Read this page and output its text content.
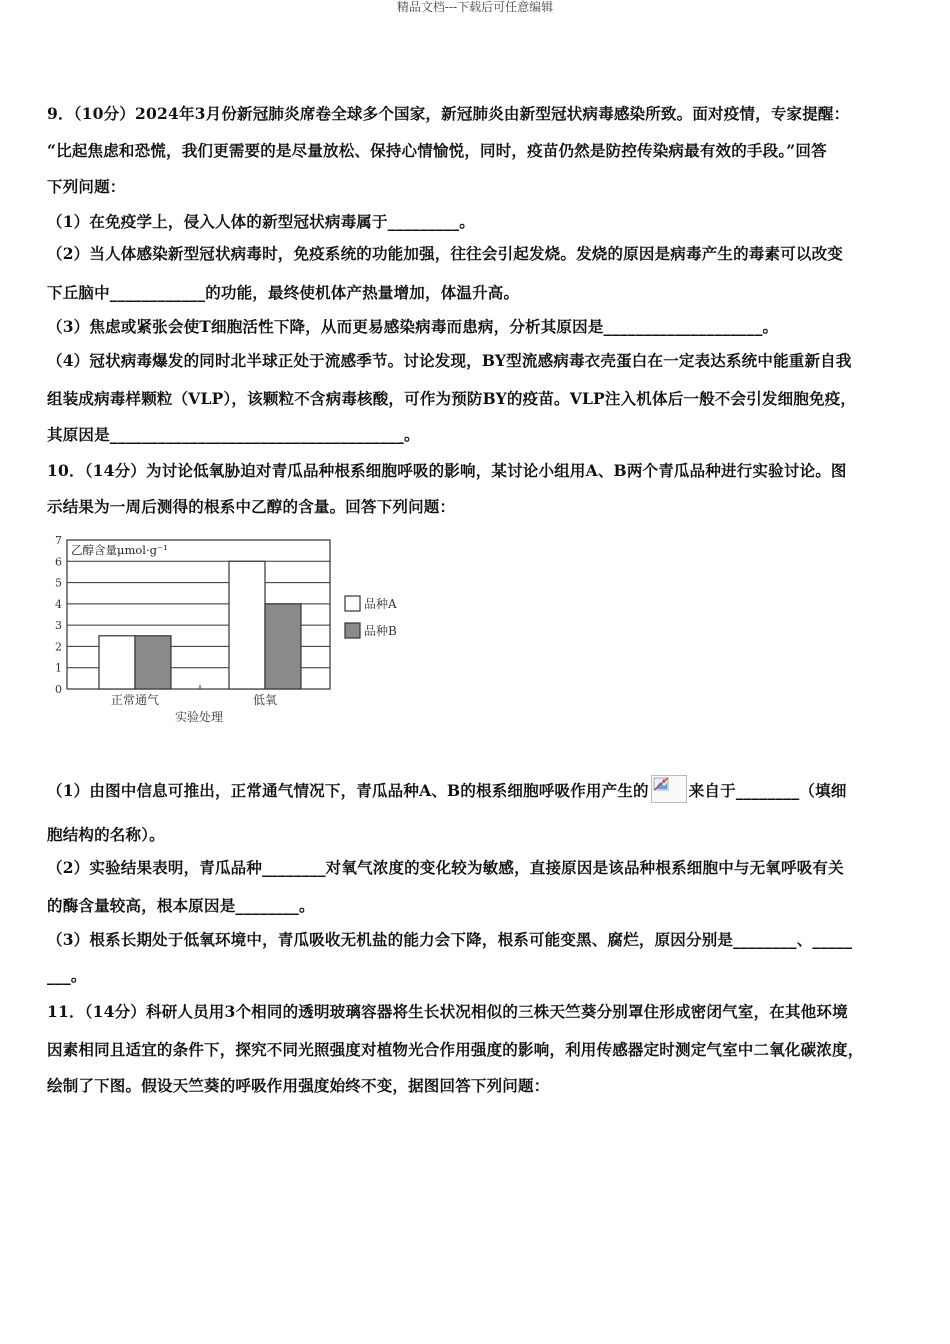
精品文档---下载后可任意编辑
9．（10分）2024年3月份新冠肺炎席卷全球多个国家，新冠肺炎由新型冠状病毒感染所致。面对疫情，专家提醒：
“比起焦虑和恐慌，我们更需要的是尽量放松、保持心情愉悦，同时，疫苗仍然是防控传染病最有效的手段。”回答
下列问题：
（1）在免疫学上，侵入人体的新型冠状病毒属于_________。
（2）当人体感染新型冠状病毒时，免疫系统的功能加强，往往会引起发烧。发烧的原因是病毒产生的毒素可以改变
下丘脑中____________的功能，最终使机体产热量增加，体温升高。
（3）焦虑或紧张会使T细胞活性下降，从而更易感染病毒而患病，分析其原因是____________________。
（4）冠状病毒爆发的同时北半球正处于流感季节。讨论发现，BY型流感病毒衣壳蛋白在一定表达系统中能重新自我
组装成病毒样颗粒（VLP），该颗粒不含病毒核酸，可作为预防BY的疫苗。VLP注入机体后一般不会引发细胞免疫，
其原因是_____________________________________。
10．（14分）为讨论低氧胁迫对青瓜品种根系细胞呼吸的影响，某讨论小组用A、B两个青瓜品种进行实验讨论。图
示结果为一周后测得的根系中乙醇的含量。回答下列问题：
0
1
2
3
4
5
6
7
乙醇含量μmol·g⁻¹
正常通气	低氧
实验处理
品种A
品种B
（1）由图中信息可推出，正常通气情况下，青瓜品种A、B的根系细胞呼吸作用产生的	来自于________（填细
胞结构的名称）。
（2）实验结果表明，青瓜品种________对氧气浓度的变化较为敏感，直接原因是该品种根系细胞中与无氧呼吸有关
的酶含量较高，根本原因是________。
（3）根系长期处于低氧环境中，青瓜吸收无机盐的能力会下降，根系可能变黑、腐烂，原因分别是________、_____
___。
11．（14分）科研人员用3个相同的透明玻璃容器将生长状况相似的三株天竺葵分别罩住形成密闭气室，在其他环境
因素相同且适宜的条件下，探究不同光照强度对植物光合作用强度的影响，利用传感器定时测定气室中二氧化碳浓度，
绘制了下图。假设天竺葵的呼吸作用强度始终不变，据图回答下列问题：
